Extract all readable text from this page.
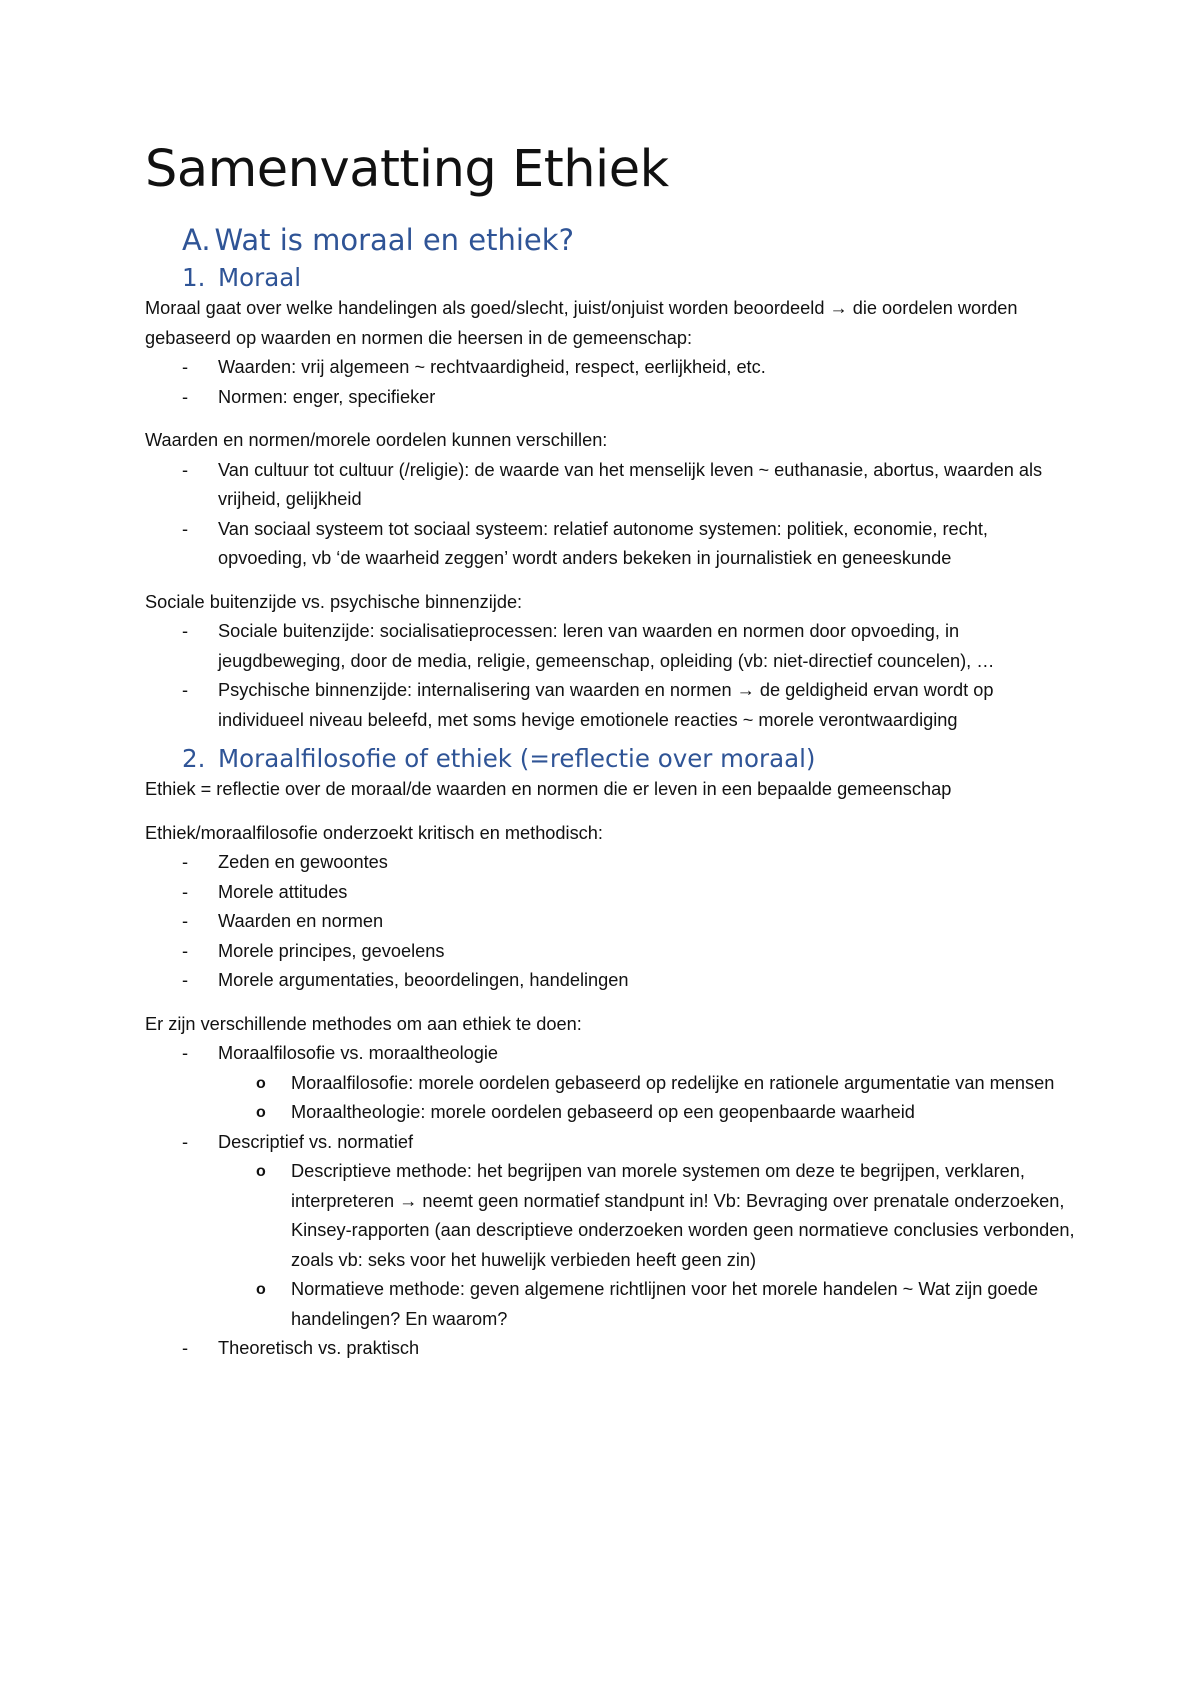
Samenvatting Ethiek
A. Wat is moraal en ethiek?
1. Moraal

Moraal gaat over welke handelingen als goed/slecht, juist/onjuist worden beoordeeld → die oordelen worden gebaseerd op waarden en normen die heersen in de gemeenschap:

- Waarden: vrij algemeen ~ rechtvaardigheid, respect, eerlijkheid, etc.
- Normen: enger, specifieker

Waarden en normen/morele oordelen kunnen verschillen:

- Van cultuur tot cultuur (/religie): de waarde van het menselijk leven ~ euthanasie, abortus, waarden als vrijheid, gelijkheid
- Van sociaal systeem tot sociaal systeem: relatief autonome systemen: politiek, economie, recht, opvoeding, vb ‘de waarheid zeggen’ wordt anders bekeken in journalistiek en geneeskunde

Sociale buitenzijde vs. psychische binnenzijde:

- Sociale buitenzijde: socialisatieprocessen: leren van waarden en normen door opvoeding, in jeugdbeweging, door de media, religie, gemeenschap, opleiding (vb: niet-directief councelen), …
- Psychische binnenzijde: internalisering van waarden en normen → de geldigheid ervan wordt op individueel niveau beleefd, met soms hevige emotionele reacties ~ morele verontwaardiging
2. Moraalfilosofie of ethiek (=reflectie over moraal)

Ethiek = reflectie over de moraal/de waarden en normen die er leven in een bepaalde gemeenschap

Ethiek/moraalfilosofie onderzoekt kritisch en methodisch:

- Zeden en gewoontes
- Morele attitudes
- Waarden en normen
- Morele principes, gevoelens
- Morele argumentaties, beoordelingen, handelingen

Er zijn verschillende methodes om aan ethiek te doen:

- Moraalfilosofie vs. moraaltheologie
o Moraalfilosofie: morele oordelen gebaseerd op redelijke en rationele argumentatie van mensen
o Moraaltheologie: morele oordelen gebaseerd op een geopenbaarde waarheid
- Descriptief vs. normatief
o Descriptieve methode: het begrijpen van morele systemen om deze te begrijpen, verklaren, interpreteren → neemt geen normatief standpunt in! Vb: Bevraging over prenatale onderzoeken, Kinsey-rapporten (aan descriptieve onderzoeken worden geen normatieve conclusies verbonden, zoals vb: seks voor het huwelijk verbieden heeft geen zin)
o Normatieve methode: geven algemene richtlijnen voor het morele handelen ~ Wat zijn goede handelingen? En waarom?
- Theoretisch vs. praktisch
